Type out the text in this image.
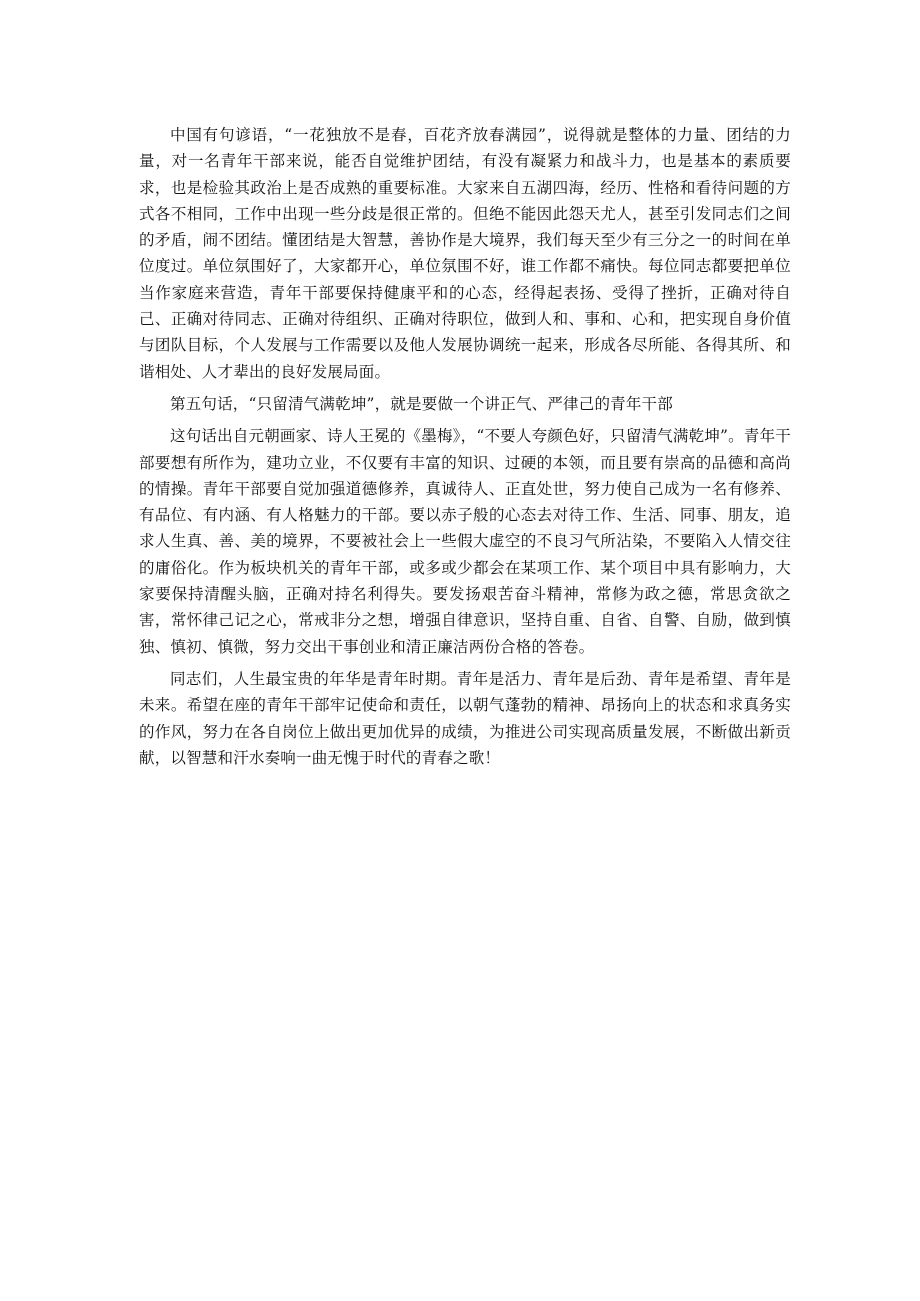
中国有句谚语，“一花独放不是春，百花齐放春满园”，说得就是整体的力量、团结的力量，对一名青年干部来说，能否自觉维护团结，有没有凝紧力和战斗力，也是基本的素质要求，也是检验其政治上是否成熟的重要标准。大家来自五湖四海，经历、性格和看待问题的方式各不相同，工作中出现一些分歧是很正常的。但绝不能因此怨天尤人，甚至引发同志们之间的矛盾，闹不团结。懂团结是大智慧，善协作是大境界，我们每天至少有三分之一的时间在单位度过。单位氛围好了，大家都开心，单位氛围不好，谁工作都不痛快。每位同志都要把单位当作家庭来营造，青年干部要保持健康平和的心态，经得起表扬、受得了挫折，正确对待自己、正确对待同志、正确对待组织、正确对待职位，做到人和、事和、心和，把实现自身价值与团队目标，个人发展与工作需要以及他人发展协调统一起来，形成各尽所能、各得其所、和谐相处、人才辈出的良好发展局面。

第五句话，“只留清气满乾坤”，就是要做一个讲正气、严律己的青年干部

这句话出自元朝画家、诗人王冕的《墨梅》，“不要人夸颜色好，只留清气满乾坤”。青年干部要想有所作为，建功立业，不仅要有丰富的知识、过硬的本领，而且要有崇高的品德和高尚的情操。青年干部要自觉加强道德修养，真诚待人、正直处世，努力使自己成为一名有修养、有品位、有内涵、有人格魅力的干部。要以赤子般的心态去对待工作、生活、同事、朋友，追求人生真、善、美的境界，不要被社会上一些假大虚空的不良习气所沾染，不要陷入人情交往的庸俗化。作为板块机关的青年干部，或多或少都会在某项工作、某个项目中具有影响力，大家要保持清醒头脑，正确对持名利得失。要发扬艰苦奋斗精神，常修为政之德，常思贪欲之害，常怀律己记之心，常戒非分之想，增强自律意识，坚持自重、自省、自警、自励，做到慎独、慎初、慎微，努力交出干事创业和清正廉洁两份合格的答卷。

同志们，人生最宝贵的年华是青年时期。青年是活力、青年是后劲、青年是希望、青年是未来。希望在座的青年干部牢记使命和责任，以朝气蓬勃的精神、昂扬向上的状态和求真务实的作风，努力在各自岗位上做出更加优异的成绩，为推进公司实现高质量发展，不断做出新贡献，以智慧和汗水奏响一曲无愧于时代的青春之歌！
